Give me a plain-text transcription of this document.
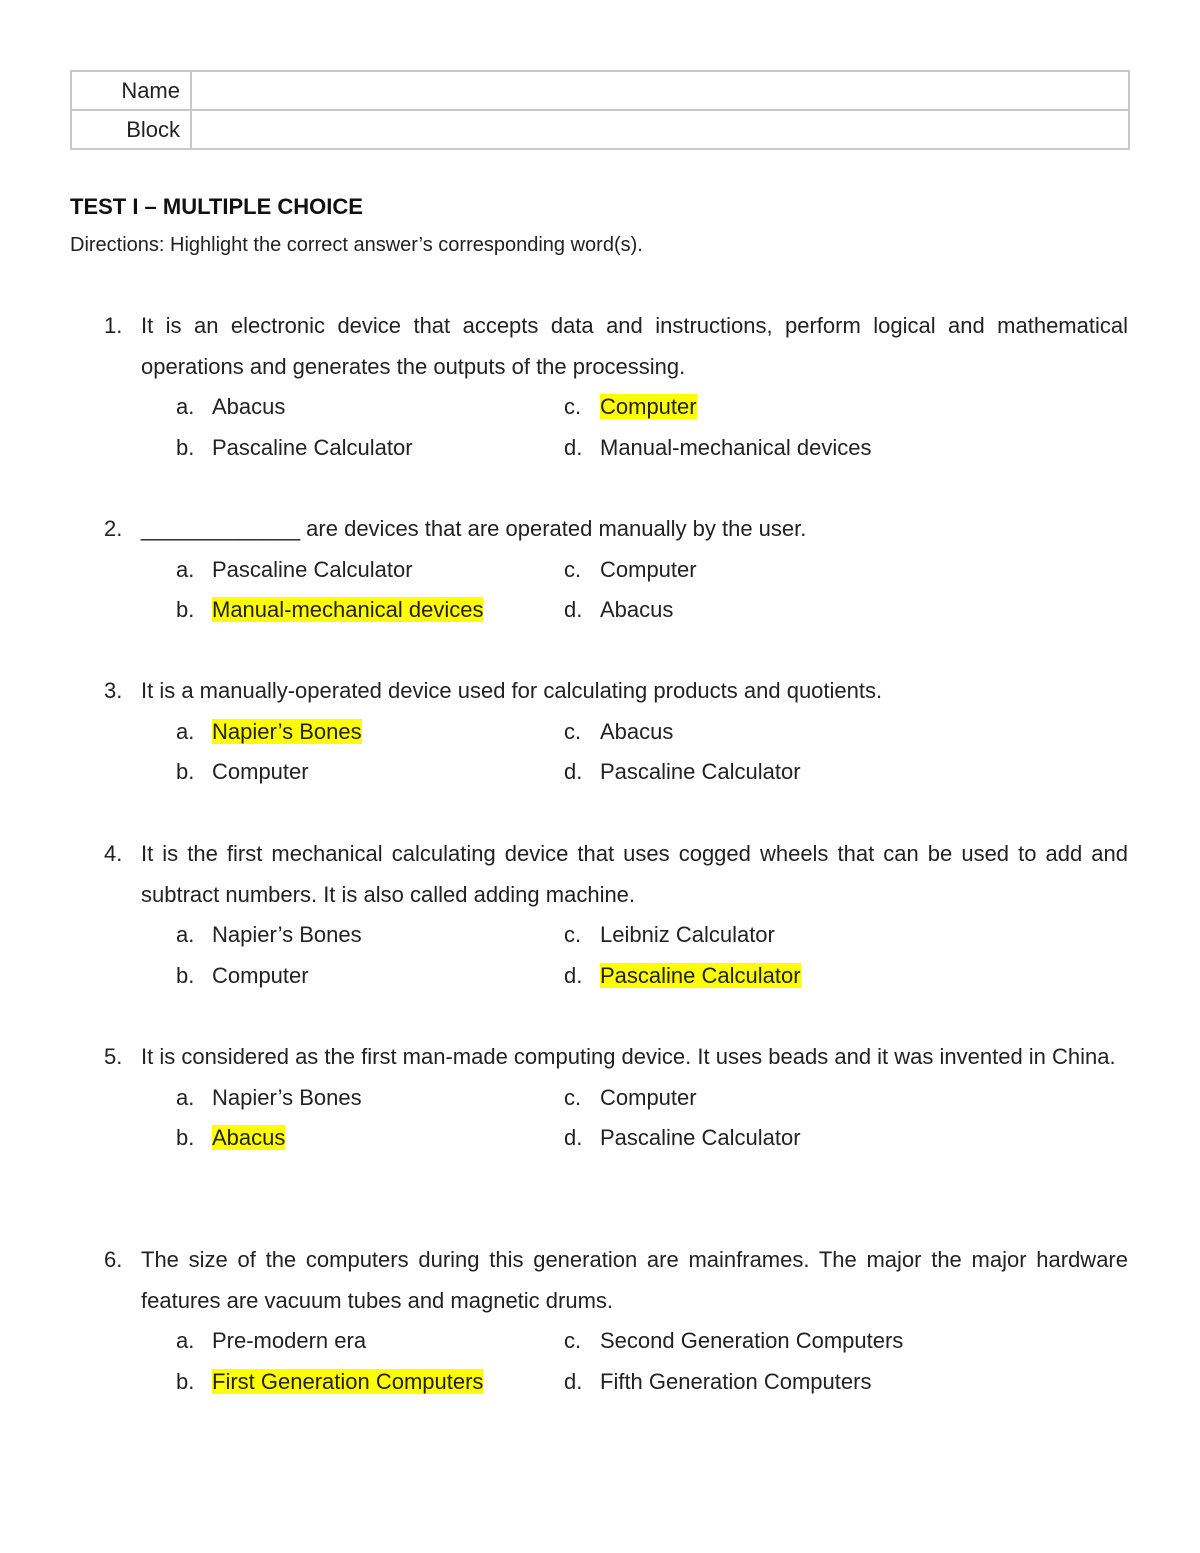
Name	
Block	
TEST I – MULTIPLE CHOICE

Directions: Highlight the correct answer’s corresponding word(s).

1. It is an electronic device that accepts data and instructions, perform logical and mathematical operations and generates the outputs of the processing.
a. Abacus
b. Pascaline Calculator
c. Computer
d. Manual-mechanical devices
2. _____________ are devices that are operated manually by the user.
a. Pascaline Calculator
b. Manual-mechanical devices
c. Computer
d. Abacus
3. It is a manually-operated device used for calculating products and quotients.
a. Napier’s Bones
b. Computer
c. Abacus
d. Pascaline Calculator
4. It is the first mechanical calculating device that uses cogged wheels that can be used to add and subtract numbers. It is also called adding machine.
a. Napier’s Bones
b. Computer
c. Leibniz Calculator
d. Pascaline Calculator
5. It is considered as the first man-made computing device. It uses beads and it was invented in China.
a. Napier’s Bones
b. Abacus
c. Computer
d. Pascaline Calculator
6. The size of the computers during this generation are mainframes. The major the major hardware features are vacuum tubes and magnetic drums.
a. Pre-modern era
b. First Generation Computers
c. Second Generation Computers
d. Fifth Generation Computers
